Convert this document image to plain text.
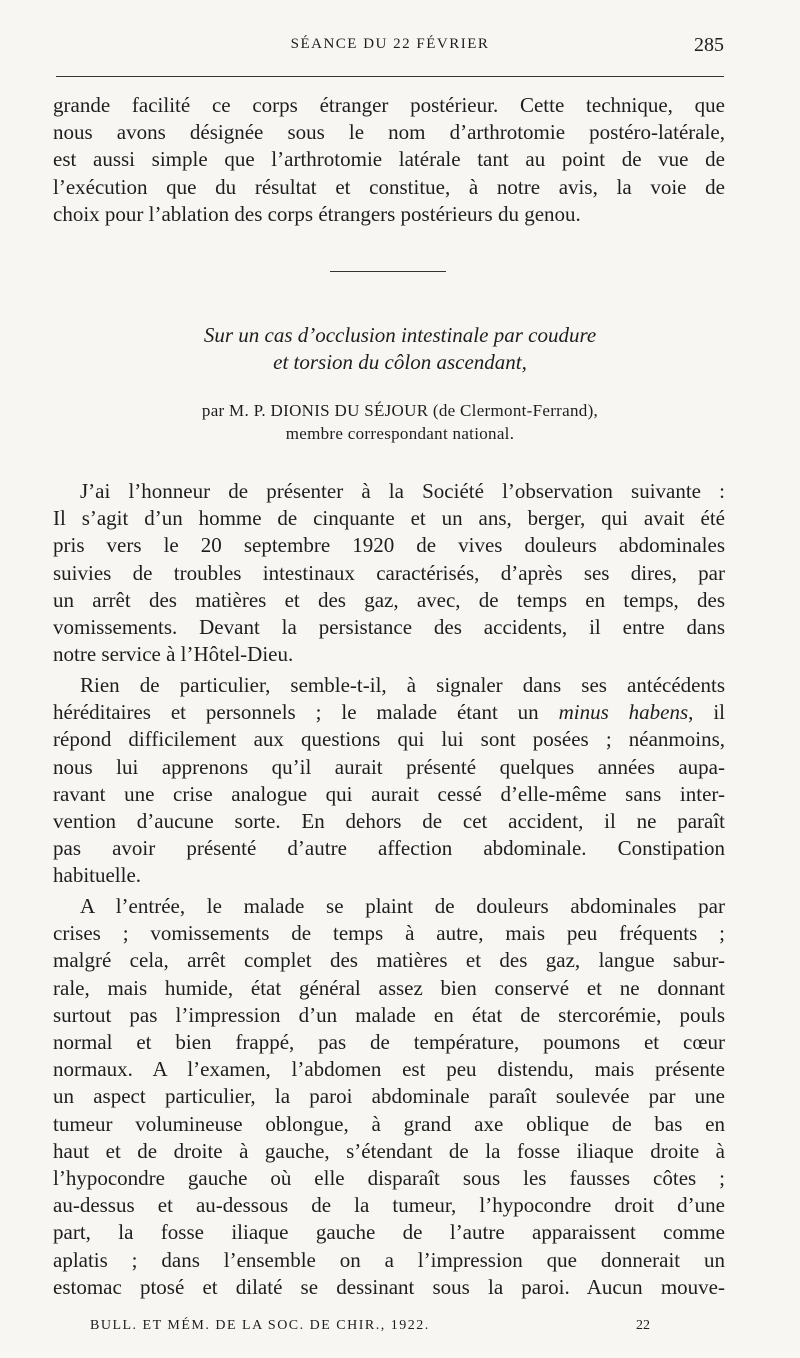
SÉANCE DU 22 FÉVRIER	285
grande facilité ce corps étranger postérieur. Cette technique, que
nous avons désignée sous le nom d’arthrotomie postéro-latérale,
est aussi simple que l’arthrotomie latérale tant au point de vue de
l’exécution que du résultat et constitue, à notre avis, la voie de
choix pour l’ablation des corps étrangers postérieurs du genou.
Sur un cas d’occlusion intestinale par coudure
et torsion du côlon ascendant,
par M. P. DIONIS DU SÉJOUR (de Clermont-Ferrand),
membre correspondant national.
J’ai l’honneur de présenter à la Société l’observation suivante :
Il s’agit d’un homme de cinquante et un ans, berger, qui avait été
pris vers le 20 septembre 1920 de vives douleurs abdominales
suivies de troubles intestinaux caractérisés, d’après ses dires, par
un arrêt des matières et des gaz, avec, de temps en temps, des
vomissements. Devant la persistance des accidents, il entre dans
notre service à l’Hôtel-Dieu.
Rien de particulier, semble-t-il, à signaler dans ses antécédents
héréditaires et personnels ; le malade étant un minus habens, il
répond difficilement aux questions qui lui sont posées ; néanmoins,
nous lui apprenons qu’il aurait présenté quelques années aupa-
ravant une crise analogue qui aurait cessé d’elle-même sans inter-
vention d’aucune sorte. En dehors de cet accident, il ne paraît
pas avoir présenté d’autre affection abdominale. Constipation
habituelle.
A l’entrée, le malade se plaint de douleurs abdominales par
crises ; vomissements de temps à autre, mais peu fréquents ;
malgré cela, arrêt complet des matières et des gaz, langue sabur-
rale, mais humide, état général assez bien conservé et ne donnant
surtout pas l’impression d’un malade en état de stercorémie, pouls
normal et bien frappé, pas de température, poumons et cœur
normaux. A l’examen, l’abdomen est peu distendu, mais présente
un aspect particulier, la paroi abdominale paraît soulevée par une
tumeur volumineuse oblongue, à grand axe oblique de bas en
haut et de droite à gauche, s’étendant de la fosse iliaque droite à
l’hypocondre gauche où elle disparaît sous les fausses côtes ;
au-dessus et au-dessous de la tumeur, l’hypocondre droit d’une
part, la fosse iliaque gauche de l’autre apparaissent comme
aplatis ; dans l’ensemble on a l’impression que donnerait un
estomac ptosé et dilaté se dessinant sous la paroi. Aucun mouve-
BULL. ET MÉM. DE LA SOC. DE CHIR., 1922.	22
